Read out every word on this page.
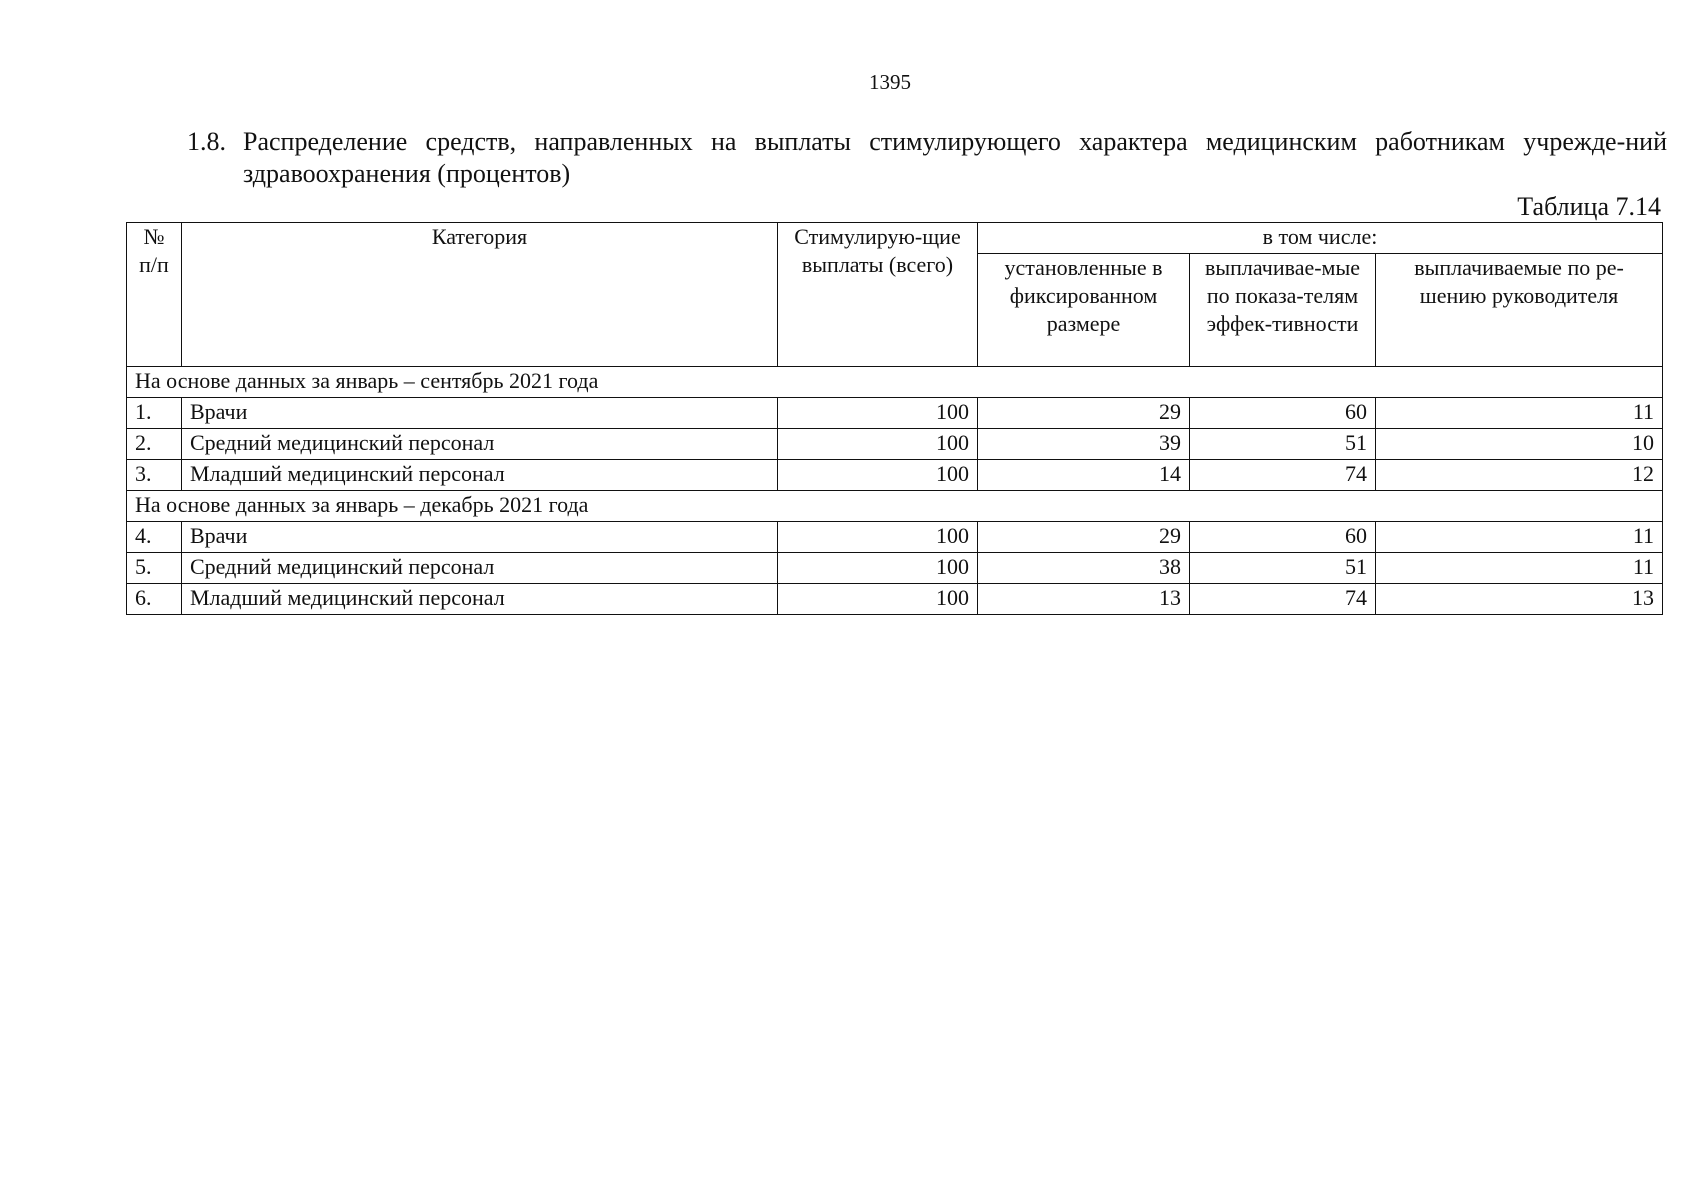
1395
1.8. Распределение средств, направленных на выплаты стимулирующего характера медицинским работникам учрежде-ний здравоохранения (процентов)
Таблица 7.14
№ п/п	Категория	Стимулирую-щие выплаты (всего)	в том числе:		
			установленные в фиксированном размере	выплачивае-мые по показа-телям эффек-тивности	выплачиваемые по ре-шению руководителя
На основе данных за январь – сентябрь 2021 года					
1.	Врачи	100	29	60	11
2.	Средний медицинский персонал	100	39	51	10
3.	Младший медицинский персонал	100	14	74	12
На основе данных за январь – декабрь 2021 года					
4.	Врачи	100	29	60	11
5.	Средний медицинский персонал	100	38	51	11
6.	Младший медицинский персонал	100	13	74	13
